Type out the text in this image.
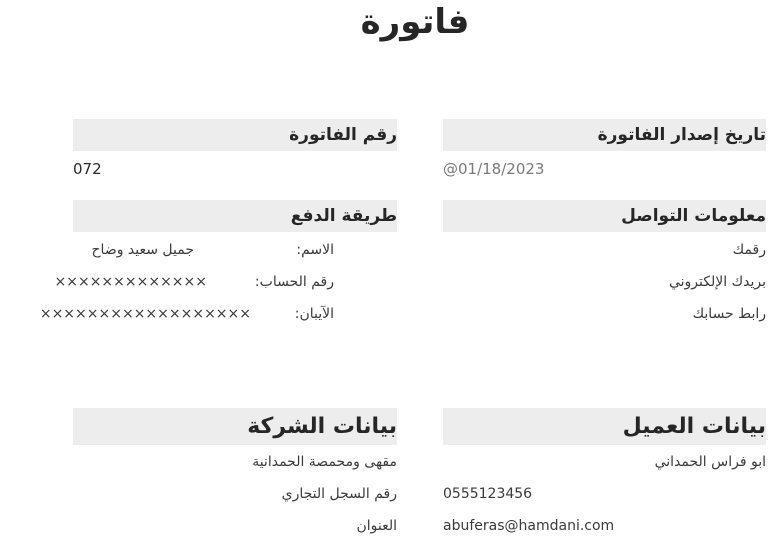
فاتورة
رقم الفاتورة
072
تاريخ إصدار الفاتورة
@01/18/2023
طريقة الدفع
الاسم:
جميل سعيد وضاح
رقم الحساب:
×××××××××××××
الآيبان:
××××××××××××××××××
معلومات التواصل
رقمك
بريدك الإلكتروني
رابط حسابك
بيانات الشركة
مقهى ومحمصة الحمدانية
رقم السجل التجاري
العنوان
بيانات العميل
ابو فراس الحمداني
0555123456
abuferas@hamdani.com
